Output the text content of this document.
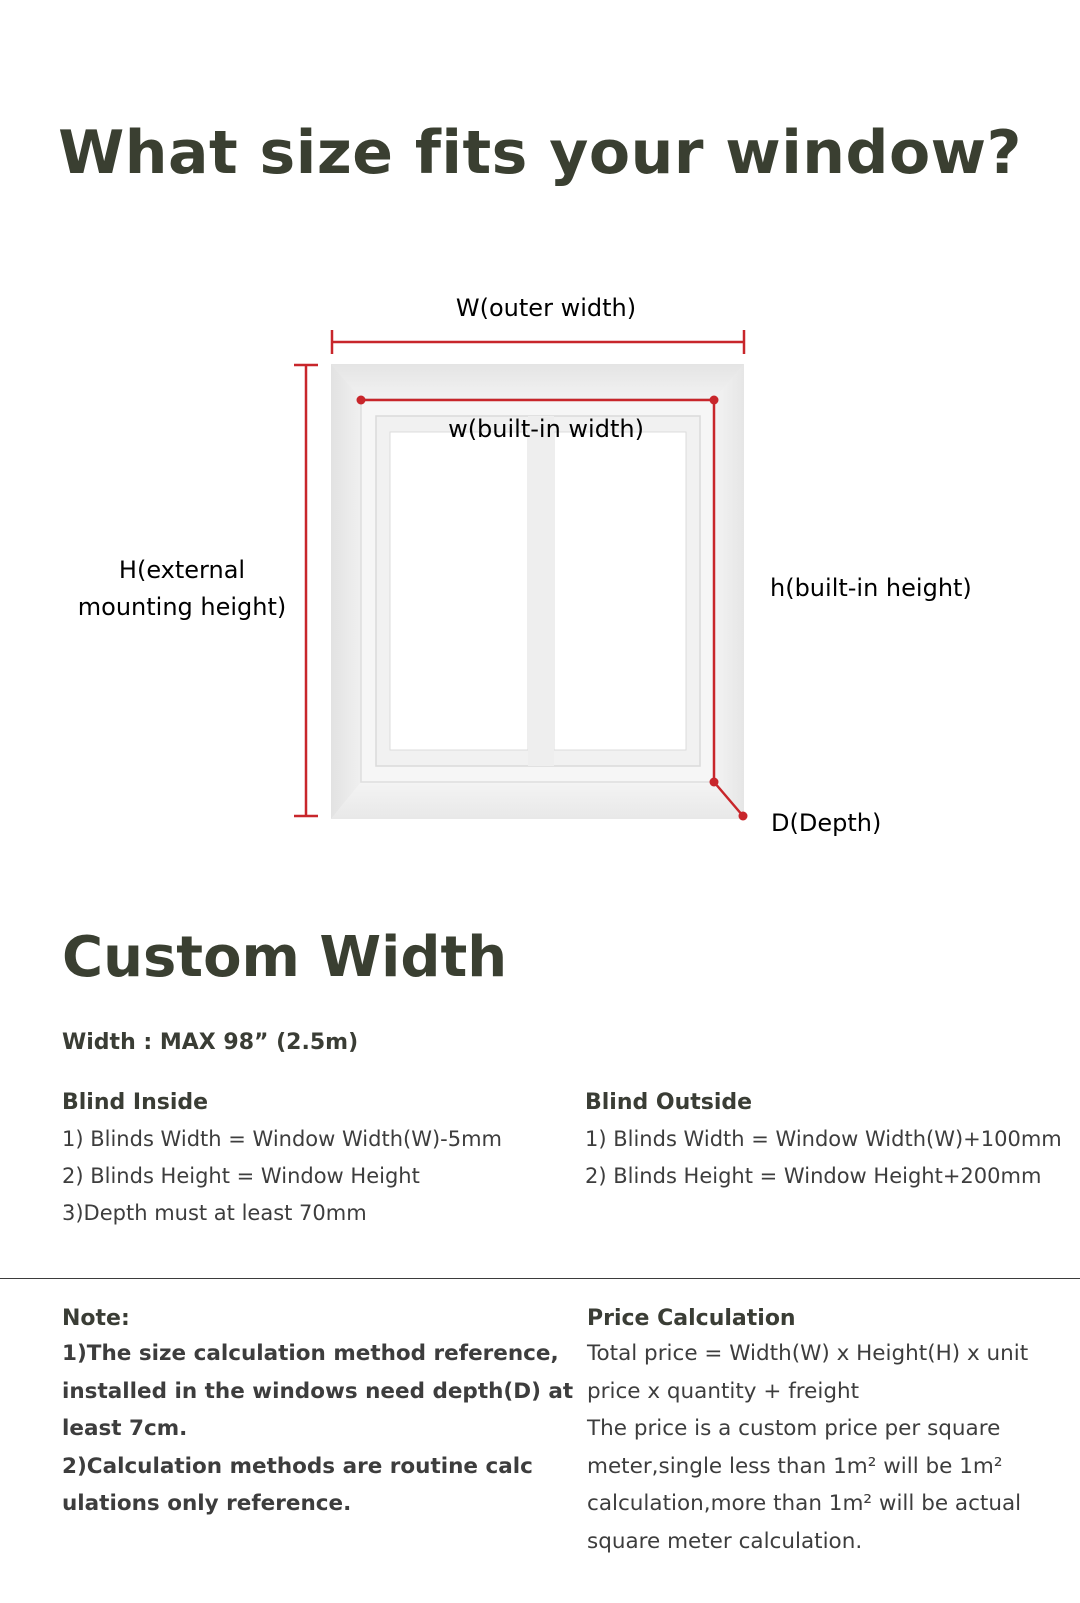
What size fits your window?
W(outer width)
w(built-in width)
H(external
mounting height)
h(built-in height)
D(Depth)
Custom Width
Width : MAX 98” (2.5m)
Blind Inside
1) Blinds Width = Window Width(W)-5mm
2) Blinds Height = Window Height
3)Depth must at least 70mm
Blind Outside
1) Blinds Width = Window Width(W)+100mm
2) Blinds Height = Window Height+200mm
Note:
1)The size calculation method reference,
installed in the windows need depth(D) at
least 7cm.
2)Calculation methods are routine calc
ulations only reference.
Price Calculation
Total price = Width(W) x Height(H) x unit
price x quantity + freight
The price is a custom price per square
meter,single less than 1m² will be 1m²
calculation,more than 1m² will be actual
square meter calculation.
